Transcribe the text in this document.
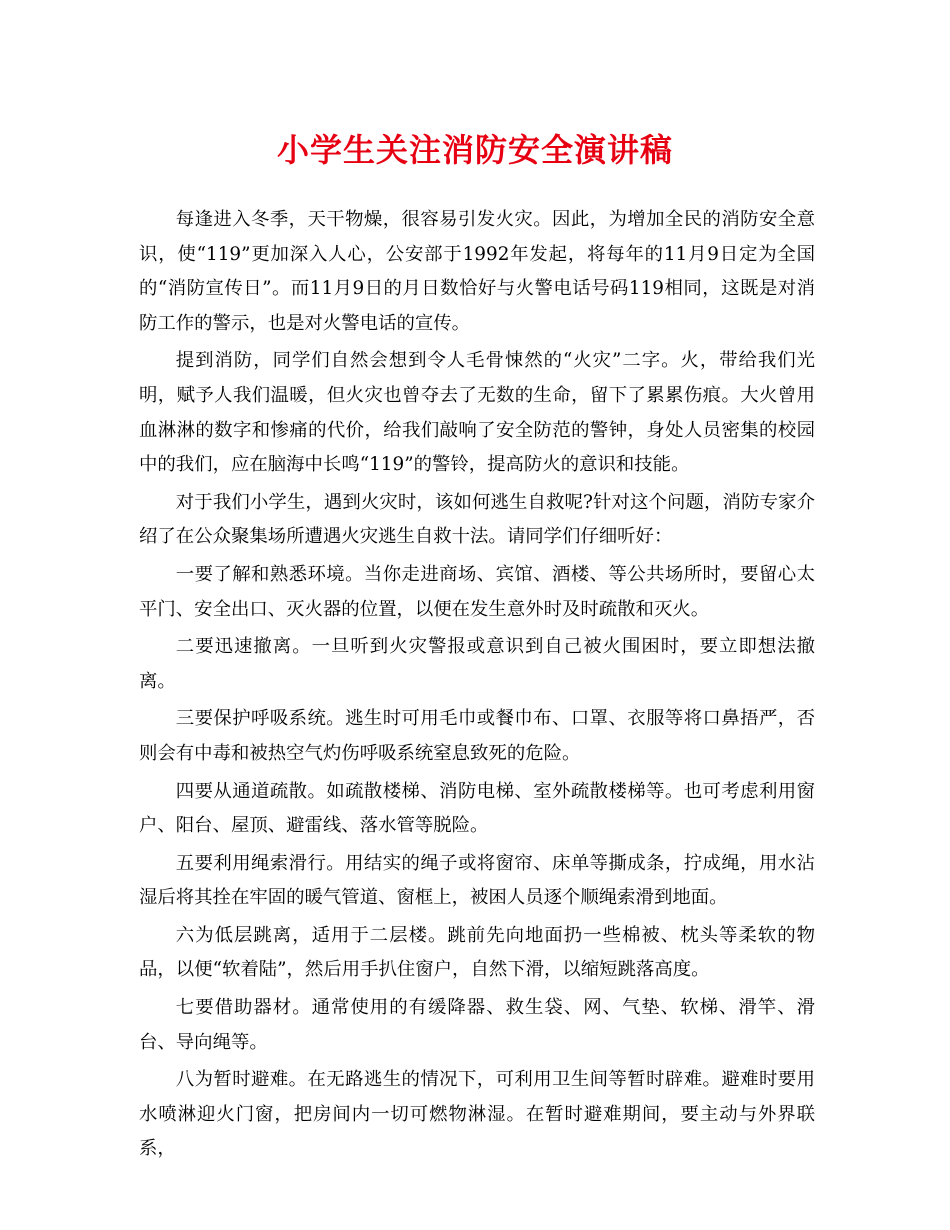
小学生关注消防安全演讲稿

每逢进入冬季，天干物燥，很容易引发火灾。因此，为增加全民的消防安全意识，使“119”更加深入人心，公安部于1992年发起，将每年的11月9日定为全国的“消防宣传日”。而11月9日的月日数恰好与火警电话号码119相同，这既是对消防工作的警示，也是对火警电话的宣传。

提到消防，同学们自然会想到令人毛骨悚然的“火灾”二字。火，带给我们光明，赋予人我们温暖，但火灾也曾夺去了无数的生命，留下了累累伤痕。大火曾用血淋淋的数字和惨痛的代价，给我们敲响了安全防范的警钟，身处人员密集的校园中的我们，应在脑海中长鸣“119”的警铃，提高防火的意识和技能。

对于我们小学生，遇到火灾时，该如何逃生自救呢?针对这个问题，消防专家介绍了在公众聚集场所遭遇火灾逃生自救十法。请同学们仔细听好：

一要了解和熟悉环境。当你走进商场、宾馆、酒楼、等公共场所时，要留心太平门、安全出口、灭火器的位置，以便在发生意外时及时疏散和灭火。

二要迅速撤离。一旦听到火灾警报或意识到自己被火围困时，要立即想法撤离。

三要保护呼吸系统。逃生时可用毛巾或餐巾布、口罩、衣服等将口鼻捂严，否则会有中毒和被热空气灼伤呼吸系统窒息致死的危险。

四要从通道疏散。如疏散楼梯、消防电梯、室外疏散楼梯等。也可考虑利用窗户、阳台、屋顶、避雷线、落水管等脱险。

五要利用绳索滑行。用结实的绳子或将窗帘、床单等撕成条，拧成绳，用水沾湿后将其拴在牢固的暖气管道、窗框上，被困人员逐个顺绳索滑到地面。

六为低层跳离，适用于二层楼。跳前先向地面扔一些棉被、枕头等柔软的物品，以便“软着陆”，然后用手扒住窗户，自然下滑，以缩短跳落高度。

七要借助器材。通常使用的有缓降器、救生袋、网、气垫、软梯、滑竿、滑台、导向绳等。

八为暂时避难。在无路逃生的情况下，可利用卫生间等暂时辟难。避难时要用水喷淋迎火门窗，把房间内一切可燃物淋湿。在暂时避难期间，要主动与外界联系，
